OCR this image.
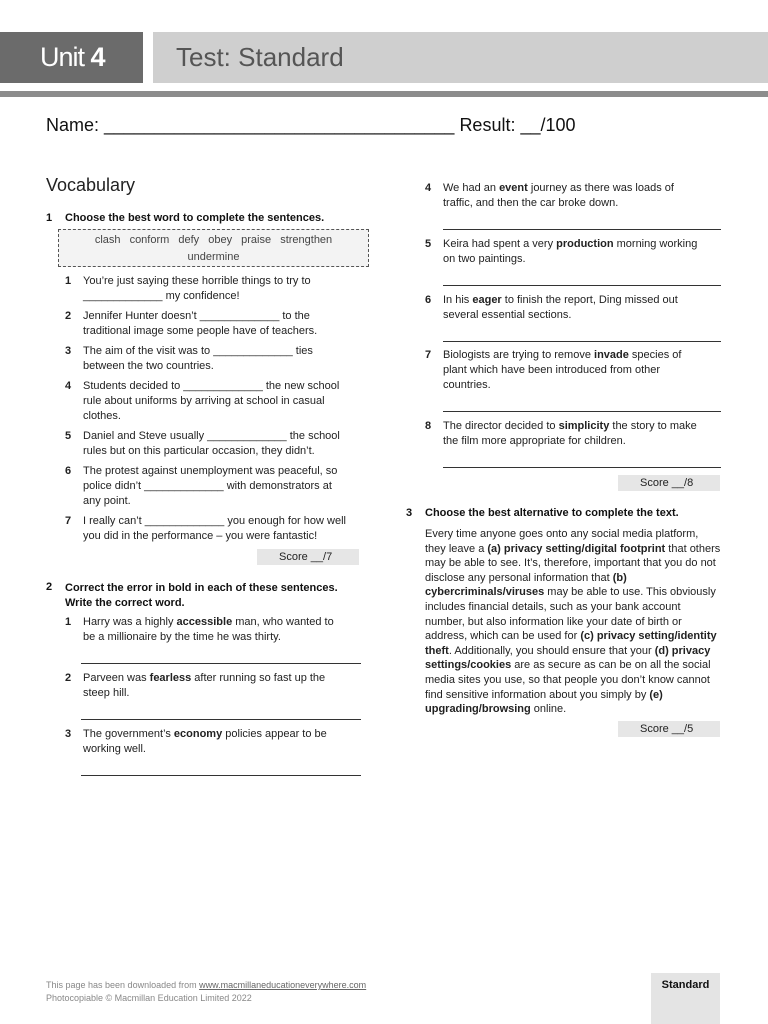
Unit 4	Test: Standard
Name: ___________________________________ Result: __/100
Vocabulary
1 Choose the best word to complete the sentences.
clash conform defy obey praise strengthen
undermine
1 You’re just saying these horrible things to try to
_____________ my confidence!
2 Jennifer Hunter doesn’t _____________ to the
traditional image some people have of teachers.
3 The aim of the visit was to _____________ ties
between the two countries.
4 Students decided to _____________ the new school
rule about uniforms by arriving at school in casual
clothes.
5 Daniel and Steve usually _____________ the school
rules but on this particular occasion, they didn’t.
6 The protest against unemployment was peaceful, so
police didn’t _____________ with demonstrators at
any point.
7 I really can’t _____________ you enough for how well
you did in the performance – you were fantastic!
Score __/7
2 Correct the error in bold in each of these sentences.
Write the correct word.
1 Harry was a highly accessible man, who wanted to
be a millionaire by the time he was thirty.
2 Parveen was fearless after running so fast up the
steep hill.
3 The government’s economy policies appear to be
working well.
4 We had an event journey as there was loads of
traffic, and then the car broke down.
5 Keira had spent a very production morning working
on two paintings.
6 In his eager to finish the report, Ding missed out
several essential sections.
7 Biologists are trying to remove invade species of
plant which have been introduced from other
countries.
8 The director decided to simplicity the story to make
the film more appropriate for children.
Score __/8
3 Choose the best alternative to complete the text.
Every time anyone goes onto any social media platform, they leave a (a) privacy setting/digital footprint that others may be able to see. It’s, therefore, important that you do not disclose any personal information that (b) cybercriminals/viruses may be able to use. This obviously includes financial details, such as your bank account number, but also information like your date of birth or address, which can be used for (c) privacy setting/identity theft. Additionally, you should ensure that your (d) privacy settings/cookies are as secure as can be on all the social media sites you use, so that people you don’t know cannot find sensitive information about you simply by (e) upgrading/browsing online.
Score __/5
This page has been downloaded from www.macmillaneducationeverywhere.com
Photocopiable © Macmillan Education Limited 2022
Standard
